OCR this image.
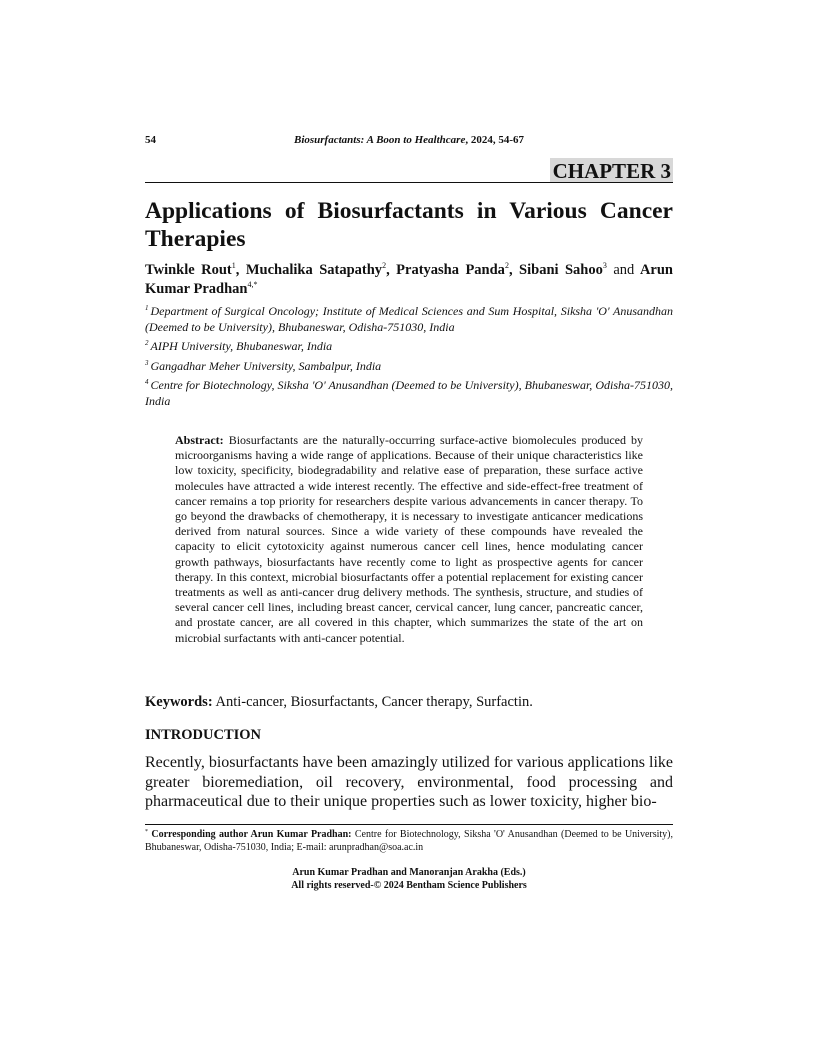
54	Biosurfactants: A Boon to Healthcare, 2024, 54-67
CHAPTER 3
Applications of Biosurfactants in Various Cancer Therapies
Twinkle Rout$^1$, Muchalika Satapathy$^2$, Pratyasha Panda$^2$, Sibani Sahoo$^3$ and Arun Kumar Pradhan$^{4,*}$

$^1$ Department of Surgical Oncology; Institute of Medical Sciences and Sum Hospital, Siksha 'O' Anusandhan (Deemed to be University), Bhubaneswar, Odisha-751030, India

$^2$ AIPH University, Bhubaneswar, India

$^3$ Gangadhar Meher University, Sambalpur, India

$^4$ Centre for Biotechnology, Siksha 'O' Anusandhan (Deemed to be University), Bhubaneswar, Odisha-751030, India

Abstract: Biosurfactants are the naturally-occurring surface-active biomolecules produced by microorganisms having a wide range of applications. Because of their unique characteristics like low toxicity, specificity, biodegradability and relative ease of preparation, these surface active molecules have attracted a wide interest recently. The effective and side-effect-free treatment of cancer remains a top priority for researchers despite various advancements in cancer therapy. To go beyond the drawbacks of chemotherapy, it is necessary to investigate anticancer medications derived from natural sources. Since a wide variety of these compounds have revealed the capacity to elicit cytotoxicity against numerous cancer cell lines, hence modulating cancer growth pathways, biosurfactants have recently come to light as prospective agents for cancer therapy. In this context, microbial biosurfactants offer a potential replacement for existing cancer treatments as well as anti-cancer drug delivery methods. The synthesis, structure, and studies of several cancer cell lines, including breast cancer, cervical cancer, lung cancer, pancreatic cancer, and prostate cancer, are all covered in this chapter, which summarizes the state of the art on microbial surfactants with anti-cancer potential.

Keywords: Anti-cancer, Biosurfactants, Cancer therapy, Surfactin.

INTRODUCTION

Recently, biosurfactants have been amazingly utilized for various applications like greater bioremediation, oil recovery, environmental, food processing and pharmaceutical due to their unique properties such as lower toxicity, higher bio-

* Corresponding author Arun Kumar Pradhan: Centre for Biotechnology, Siksha 'O' Anusandhan (Deemed to be University), Bhubaneswar, Odisha-751030, India; E-mail: arunpradhan@soa.ac.in

Arun Kumar Pradhan and Manoranjan Arakha (Eds.)
All rights reserved-© 2024 Bentham Science Publishers
